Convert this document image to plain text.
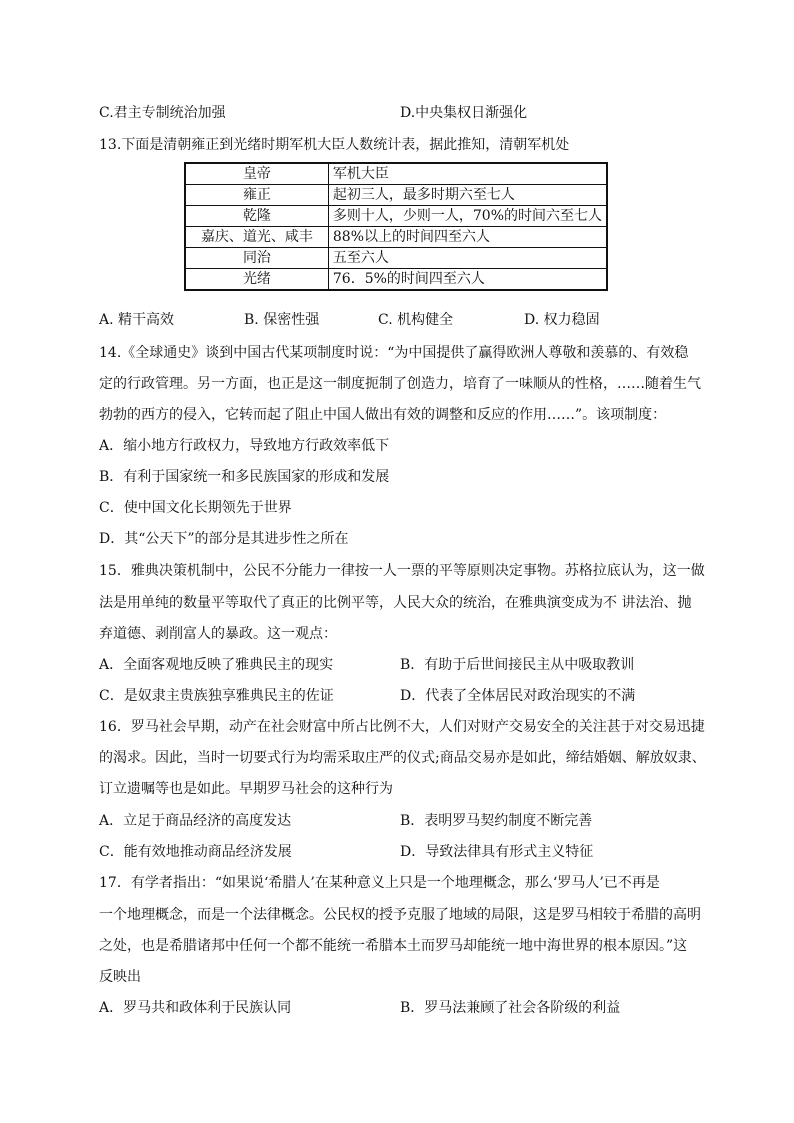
C.君主专制统治加强	D.中央集权日渐强化
13.下面是清朝雍正到光绪时期军机大臣人数统计表，据此推知，清朝军机处
皇帝	军机大臣
雍正	起初三人，最多时期六至七人
乾隆	多则十人，少则一人，70%的时间六至七人
嘉庆、道光、咸丰	88%以上的时间四至六人
同治	五至六人
光绪	76．5%的时间四至六人
A. 精干高效	B. 保密性强	C. 机构健全	D. 权力稳固
14.《全球通史》谈到中国古代某项制度时说：“为中国提供了赢得欧洲人尊敬和羡慕的、有效稳
定的行政管理。另一方面，也正是这一制度扼制了创造力，培育了一味顺从的性格，……随着生气
勃勃的西方的侵入，它转而起了阻止中国人做出有效的调整和反应的作用……”。该项制度：
A．缩小地方行政权力，导致地方行政效率低下
B．有利于国家统一和多民族国家的形成和发展
C．使中国文化长期领先于世界
D．其“公天下”的部分是其进步性之所在
15．雅典决策机制中，公民不分能力一律按一人一票的平等原则决定事物。苏格拉底认为，这一做
法是用单纯的数量平等取代了真正的比例平等，人民大众的统治，在雅典演变成为不 讲法治、抛
弃道德、剥削富人的暴政。这一观点：
A．全面客观地反映了雅典民主的现实	B．有助于后世间接民主从中吸取教训
C．是奴隶主贵族独享雅典民主的佐证	D．代表了全体居民对政治现实的不满
16．罗马社会早期，动产在社会财富中所占比例不大，人们对财产交易安全的关注甚于对交易迅捷
的渴求。因此，当时一切要式行为均需采取庄严的仪式;商品交易亦是如此，缔结婚姻、解放奴隶、
订立遗嘱等也是如此。早期罗马社会的这种行为
A．立足于商品经济的高度发达	B．表明罗马契约制度不断完善
C．能有效地推动商品经济发展	D．导致法律具有形式主义特征
17．有学者指出：“如果说‘希腊人’在某种意义上只是一个地理概念，那么‘罗马人’已不再是
一个地理概念，而是一个法律概念。公民权的授予克服了地域的局限，这是罗马相较于希腊的高明
之处，也是希腊诸邦中任何一个都不能统一希腊本土而罗马却能统一地中海世界的根本原因。”这
反映出
A．罗马共和政体利于民族认同	B．罗马法兼顾了社会各阶级的利益
